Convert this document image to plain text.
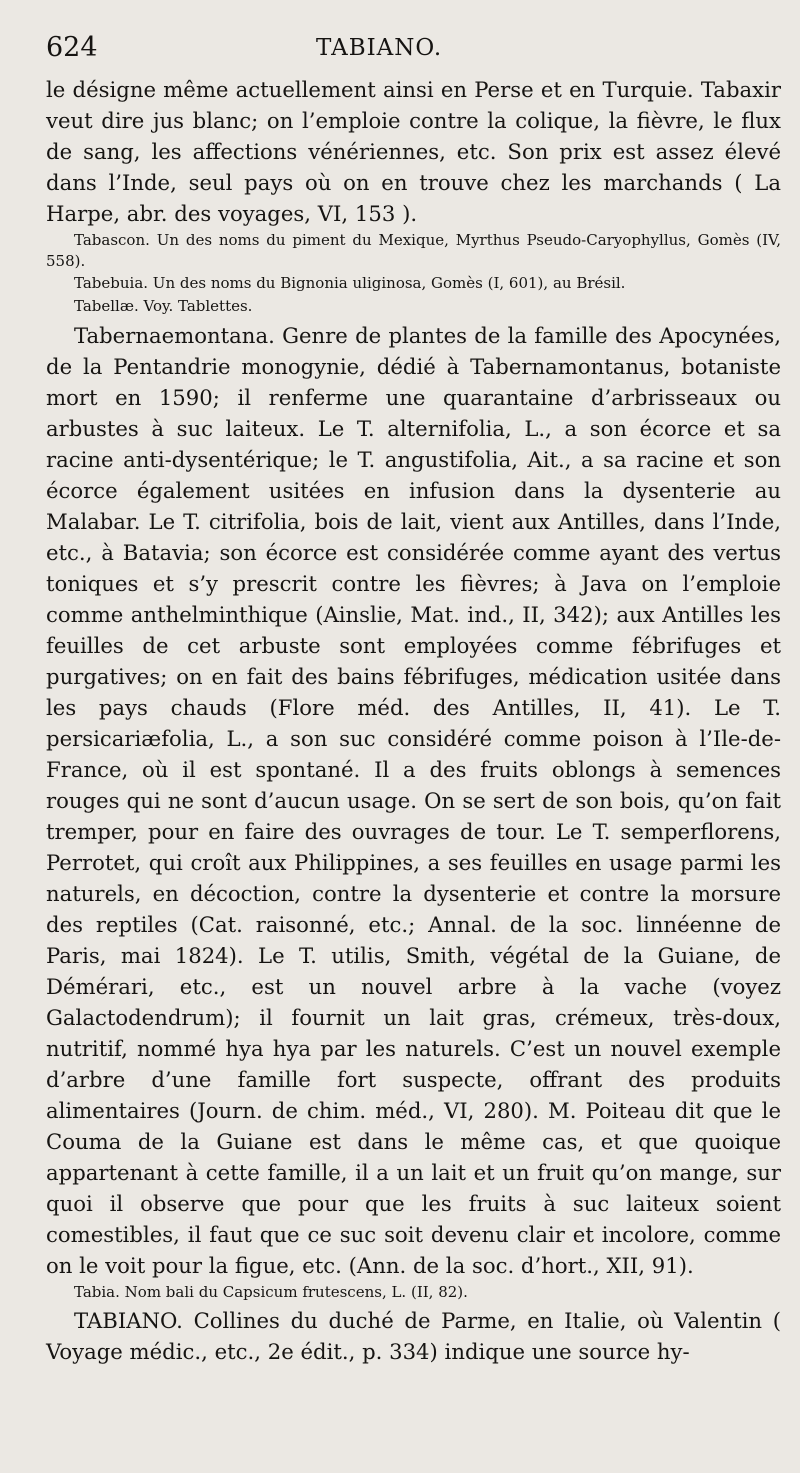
624	TABIANO.

le désigne même actuellement ainsi en Perse et en Turquie. Tabaxir veut dire jus blanc; on l’emploie contre la colique, la fièvre, le flux de sang, les affections vénériennes, etc. Son prix est assez élevé dans l’Inde, seul pays où on en trouve chez les marchands ( La Harpe, abr. des voyages, VI, 153 ).

Tabascon. Un des noms du piment du Mexique, Myrthus Pseudo-Caryophyllus, Gomès (IV, 558).

Tabebuia. Un des noms du Bignonia uliginosa, Gomès (I, 601), au Brésil.

Tabellæ. Voy. Tablettes.

Tabernaemontana. Genre de plantes de la famille des Apocynées, de la Pentandrie monogynie, dédié à Tabernamontanus, botaniste mort en 1590; il renferme une quarantaine d’arbrisseaux ou arbustes à suc laiteux. Le T. alternifolia, L., a son écorce et sa racine anti-dysentérique; le T. angustifolia, Ait., a sa racine et son écorce également usitées en infusion dans la dysenterie au Malabar. Le T. citrifolia, bois de lait, vient aux Antilles, dans l’Inde, etc., à Batavia; son écorce est considérée comme ayant des vertus toniques et s’y prescrit contre les fièvres; à Java on l’emploie comme anthelminthique (Ainslie, Mat. ind., II, 342); aux Antilles les feuilles de cet arbuste sont employées comme fébrifuges et purgatives; on en fait des bains fébrifuges, médication usitée dans les pays chauds (Flore méd. des Antilles, II, 41). Le T. persicariæfolia, L., a son suc considéré comme poison à l’Ile-de-France, où il est spontané. Il a des fruits oblongs à semences rouges qui ne sont d’aucun usage. On se sert de son bois, qu’on fait tremper, pour en faire des ouvrages de tour. Le T. semperflorens, Perrotet, qui croît aux Philippines, a ses feuilles en usage parmi les naturels, en décoction, contre la dysenterie et contre la morsure des reptiles (Cat. raisonné, etc.; Annal. de la soc. linnéenne de Paris, mai 1824). Le T. utilis, Smith, végétal de la Guiane, de Démérari, etc., est un nouvel arbre à la vache (voyez Galactodendrum); il fournit un lait gras, crémeux, très-doux, nutritif, nommé hya hya par les naturels. C’est un nouvel exemple d’arbre d’une famille fort suspecte, offrant des produits alimentaires (Journ. de chim. méd., VI, 280). M. Poiteau dit que le Couma de la Guiane est dans le même cas, et que quoique appartenant à cette famille, il a un lait et un fruit qu’on mange, sur quoi il observe que pour que les fruits à suc laiteux soient comestibles, il faut que ce suc soit devenu clair et incolore, comme on le voit pour la figue, etc. (Ann. de la soc. d’hort., XII, 91).

Tabia. Nom bali du Capsicum frutescens, L. (II, 82).

TABIANO. Collines du duché de Parme, en Italie, où Valentin ( Voyage médic., etc., 2e édit., p. 334) indique une source hy-
